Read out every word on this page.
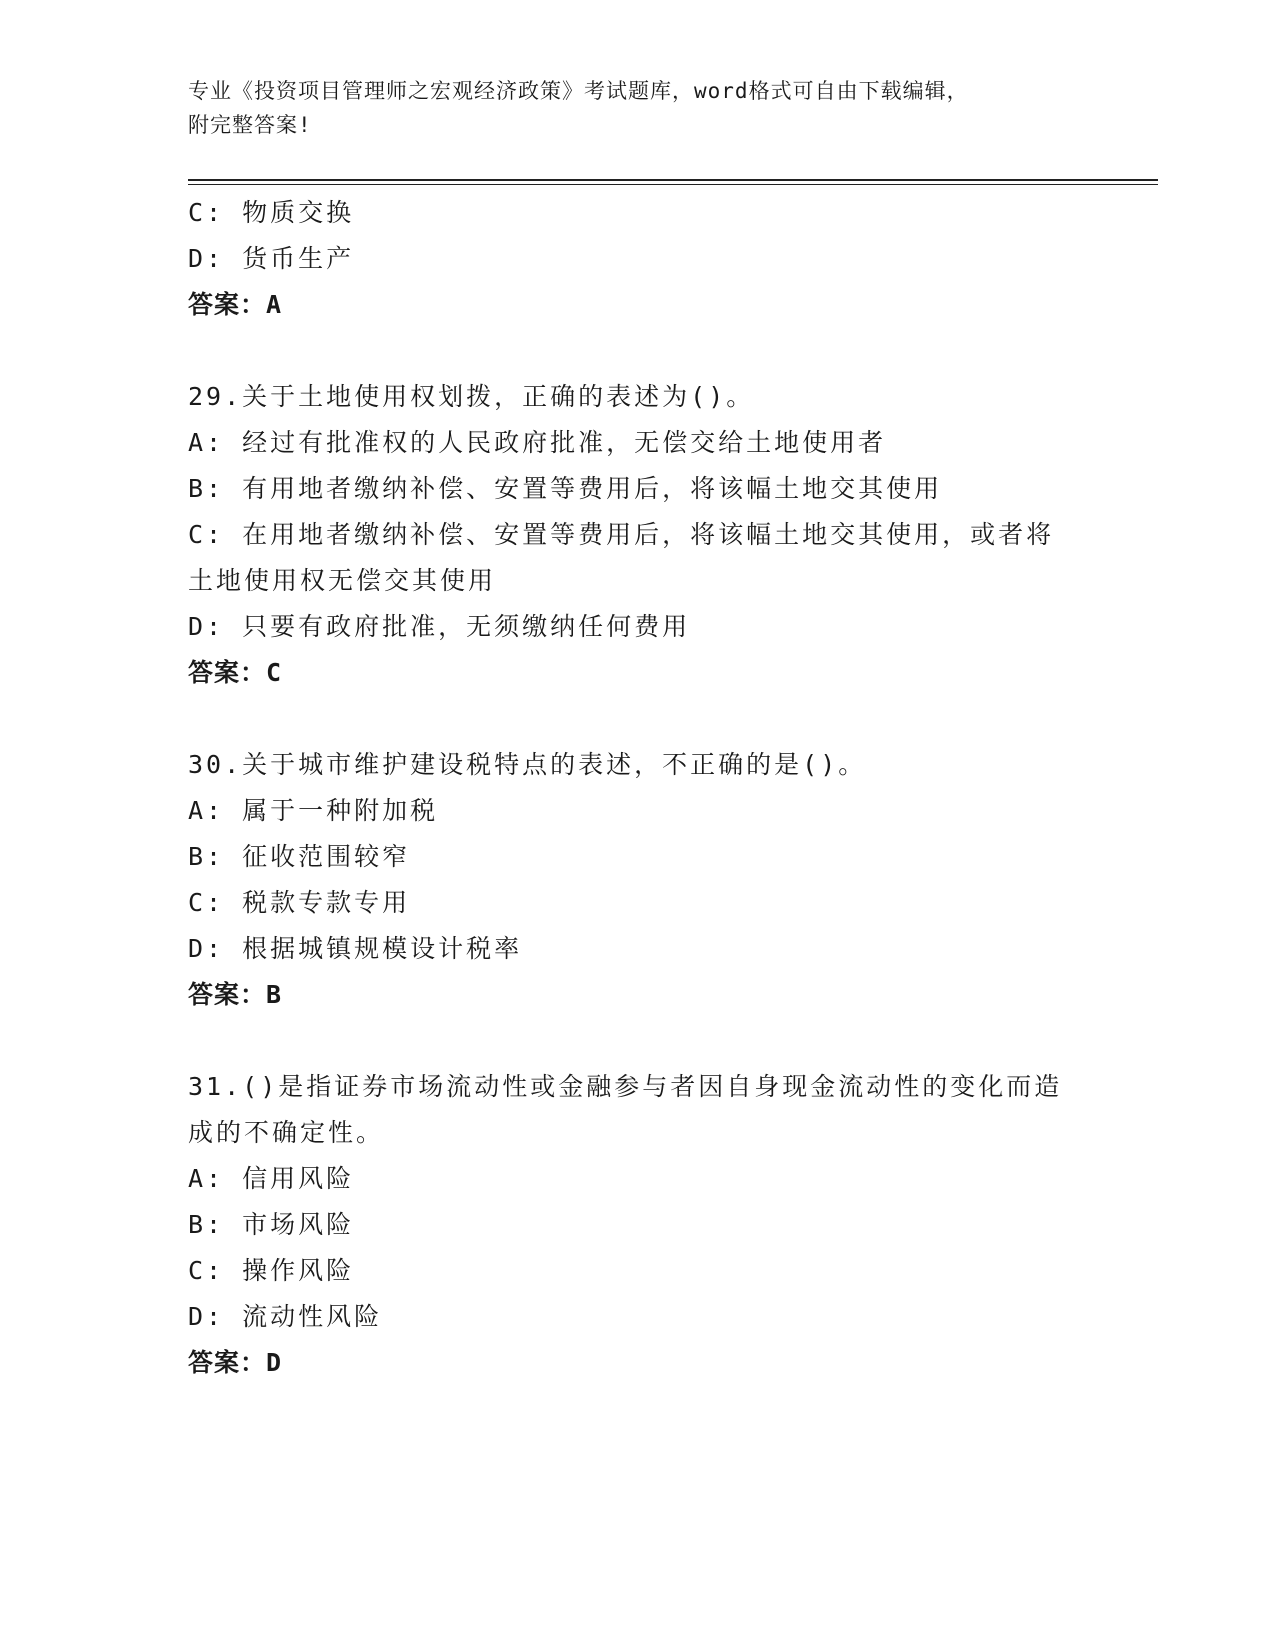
专业《投资项目管理师之宏观经济政策》考试题库，word格式可自由下载编辑，
附完整答案!
C: 物质交换
D: 货币生产
答案：A
29.关于土地使用权划拨，正确的表述为()。
A: 经过有批准权的人民政府批准，无偿交给土地使用者
B: 有用地者缴纳补偿、安置等费用后，将该幅土地交其使用
C: 在用地者缴纳补偿、安置等费用后，将该幅土地交其使用，或者将
土地使用权无偿交其使用
D: 只要有政府批准，无须缴纳任何费用
答案：C
30.关于城市维护建设税特点的表述，不正确的是()。
A: 属于一种附加税
B: 征收范围较窄
C: 税款专款专用
D: 根据城镇规模设计税率
答案：B
31.()是指证券市场流动性或金融参与者因自身现金流动性的变化而造
成的不确定性。
A: 信用风险
B: 市场风险
C: 操作风险
D: 流动性风险
答案：D
